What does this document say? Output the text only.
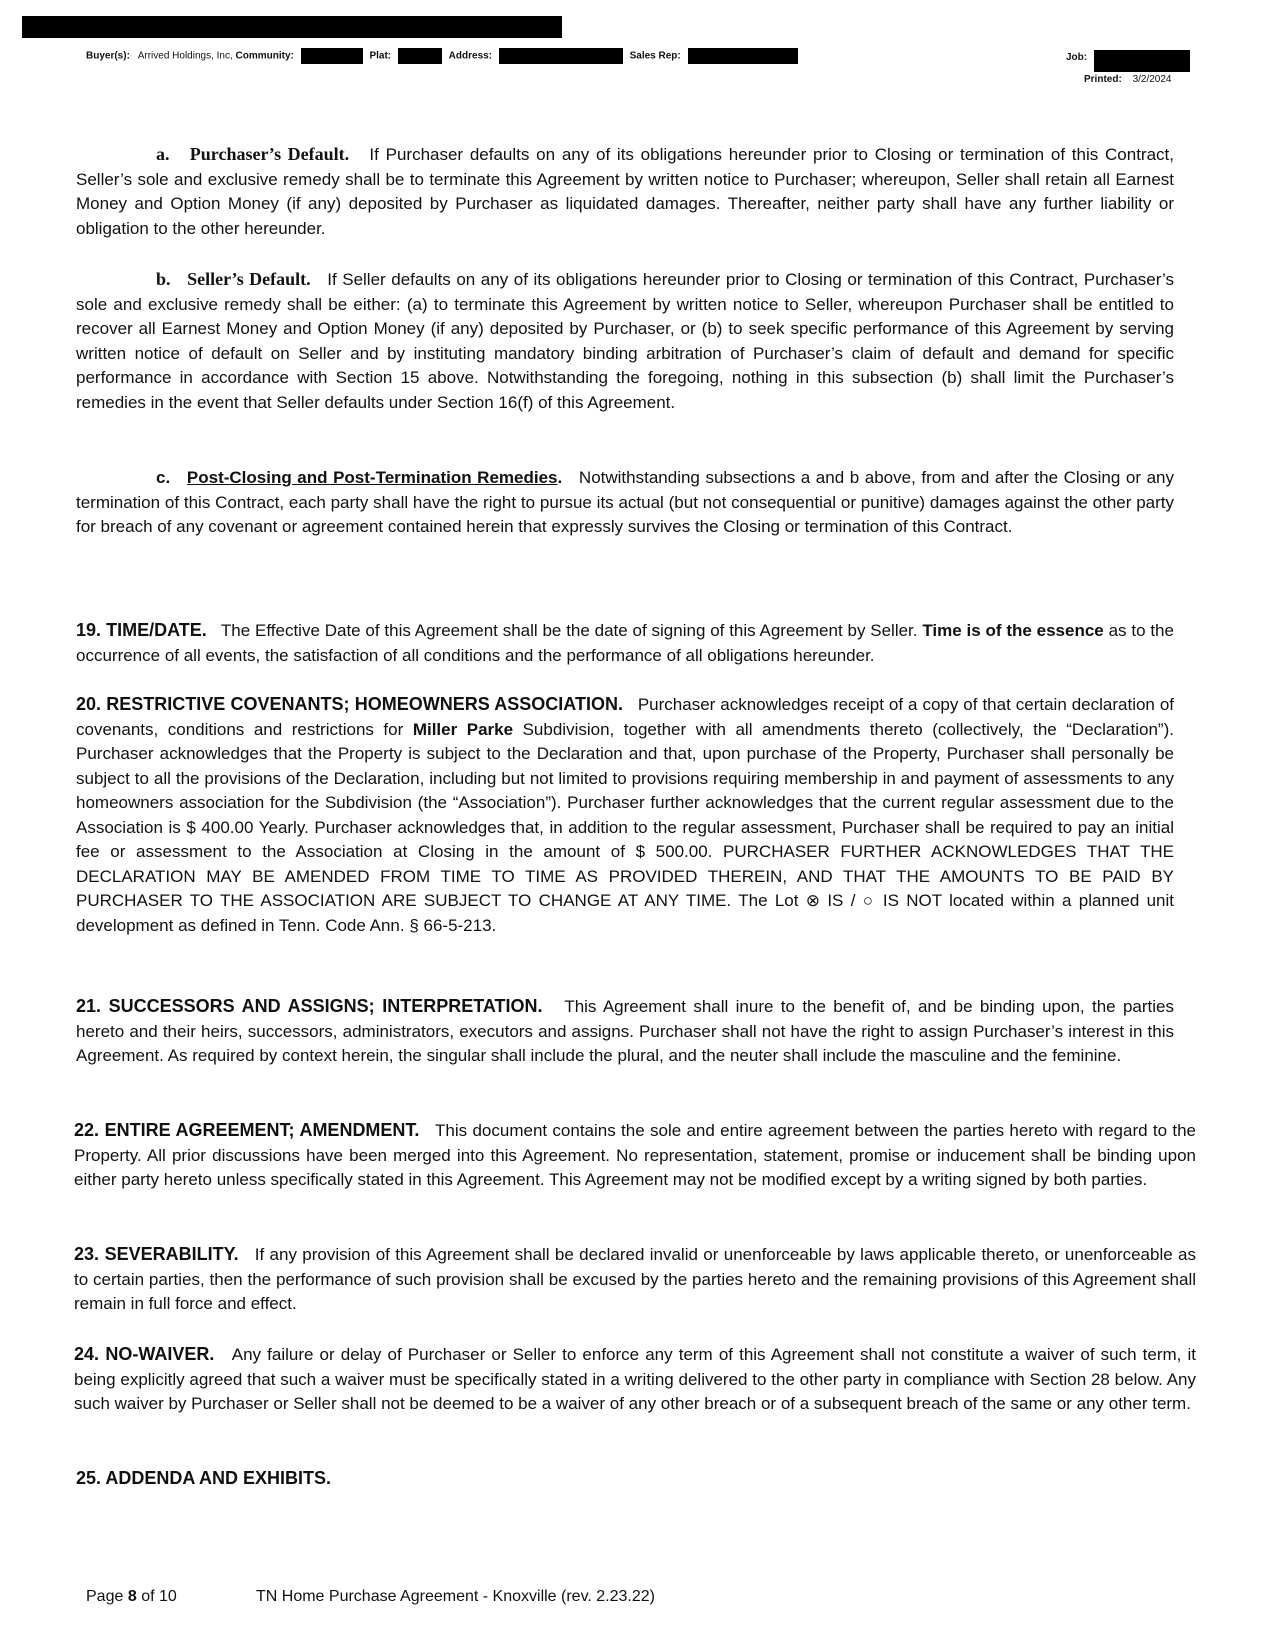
Buyer(s): Arrived Holdings, Inc, Community:	Plat:	Address:	Sales Rep:	Job:
Printed: 3/2/2024
a. Purchaser’s Default. If Purchaser defaults on any of its obligations hereunder prior to Closing or termination of this Contract, Seller’s sole and exclusive remedy shall be to terminate this Agreement by written notice to Purchaser; whereupon, Seller shall retain all Earnest Money and Option Money (if any) deposited by Purchaser as liquidated damages. Thereafter, neither party shall have any further liability or obligation to the other hereunder.
b. Seller’s Default. If Seller defaults on any of its obligations hereunder prior to Closing or termination of this Contract, Purchaser’s sole and exclusive remedy shall be either: (a) to terminate this Agreement by written notice to Seller, whereupon Purchaser shall be entitled to recover all Earnest Money and Option Money (if any) deposited by Purchaser, or (b) to seek specific performance of this Agreement by serving written notice of default on Seller and by instituting mandatory binding arbitration of Purchaser’s claim of default and demand for specific performance in accordance with Section 15 above. Notwithstanding the foregoing, nothing in this subsection (b) shall limit the Purchaser’s remedies in the event that Seller defaults under Section 16(f) of this Agreement.
c. Post-Closing and Post-Termination Remedies. Notwithstanding subsections a and b above, from and after the Closing or any termination of this Contract, each party shall have the right to pursue its actual (but not consequential or punitive) damages against the other party for breach of any covenant or agreement contained herein that expressly survives the Closing or termination of this Contract.
19. TIME/DATE. The Effective Date of this Agreement shall be the date of signing of this Agreement by Seller. Time is of the essence as to the occurrence of all events, the satisfaction of all conditions and the performance of all obligations hereunder.
20. RESTRICTIVE COVENANTS; HOMEOWNERS ASSOCIATION. Purchaser acknowledges receipt of a copy of that certain declaration of covenants, conditions and restrictions for Miller Parke Subdivision, together with all amendments thereto (collectively, the “Declaration”). Purchaser acknowledges that the Property is subject to the Declaration and that, upon purchase of the Property, Purchaser shall personally be subject to all the provisions of the Declaration, including but not limited to provisions requiring membership in and payment of assessments to any homeowners association for the Subdivision (the “Association”). Purchaser further acknowledges that the current regular assessment due to the Association is $ 400.00 Yearly. Purchaser acknowledges that, in addition to the regular assessment, Purchaser shall be required to pay an initial fee or assessment to the Association at Closing in the amount of $ 500.00. PURCHASER FURTHER ACKNOWLEDGES THAT THE DECLARATION MAY BE AMENDED FROM TIME TO TIME AS PROVIDED THEREIN, AND THAT THE AMOUNTS TO BE PAID BY PURCHASER TO THE ASSOCIATION ARE SUBJECT TO CHANGE AT ANY TIME. The Lot ⊗ IS / ○ IS NOT located within a planned unit development as defined in Tenn. Code Ann. § 66-5-213.
21. SUCCESSORS AND ASSIGNS; INTERPRETATION. This Agreement shall inure to the benefit of, and be binding upon, the parties hereto and their heirs, successors, administrators, executors and assigns. Purchaser shall not have the right to assign Purchaser’s interest in this Agreement. As required by context herein, the singular shall include the plural, and the neuter shall include the masculine and the feminine.
22. ENTIRE AGREEMENT; AMENDMENT. This document contains the sole and entire agreement between the parties hereto with regard to the Property. All prior discussions have been merged into this Agreement. No representation, statement, promise or inducement shall be binding upon either party hereto unless specifically stated in this Agreement. This Agreement may not be modified except by a writing signed by both parties.
23. SEVERABILITY. If any provision of this Agreement shall be declared invalid or unenforceable by laws applicable thereto, or unenforceable as to certain parties, then the performance of such provision shall be excused by the parties hereto and the remaining provisions of this Agreement shall remain in full force and effect.
24. NO-WAIVER. Any failure or delay of Purchaser or Seller to enforce any term of this Agreement shall not constitute a waiver of such term, it being explicitly agreed that such a waiver must be specifically stated in a writing delivered to the other party in compliance with Section 28 below. Any such waiver by Purchaser or Seller shall not be deemed to be a waiver of any other breach or of a subsequent breach of the same or any other term.
25. ADDENDA AND EXHIBITS.
Page 8 of 10	TN Home Purchase Agreement - Knoxville (rev. 2.23.22)
